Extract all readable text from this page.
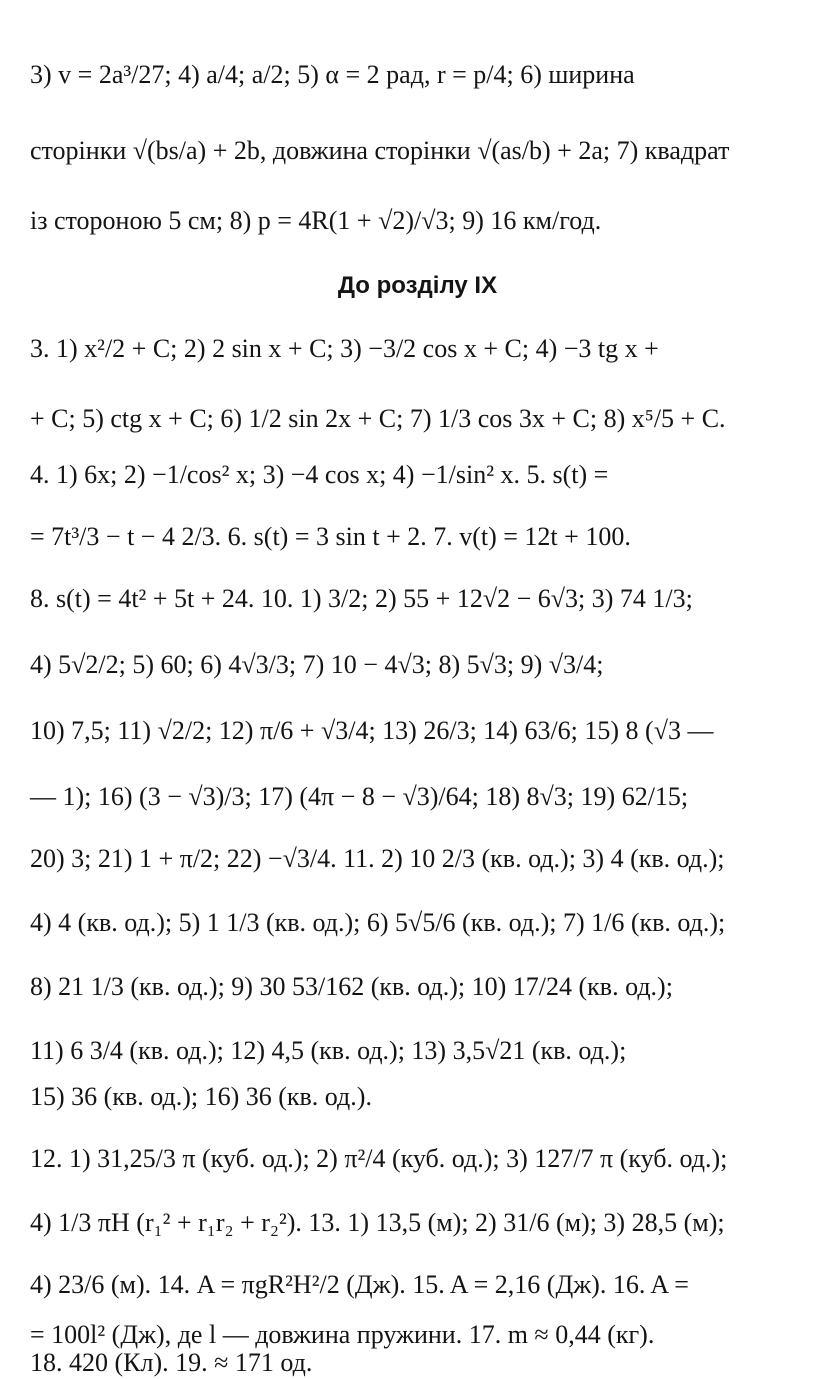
3) v = 2a³/27; 4) a/4; a/2; 5) α = 2 рад, r = p/4; 6) ширина
сторінки √(bs/a) + 2b, довжина сторінки √(as/b) + 2a; 7) квадрат
із стороною 5 см; 8) p = 4R(1 + √2)/√3; 9) 16 км/год.
До розділу IX
3. 1) x²/2 + C; 2) 2 sin x + C; 3) −3/2 cos x + C; 4) −3 tg x +
+ C; 5) ctg x + C; 6) 1/2 sin 2x + C; 7) 1/3 cos 3x + C; 8) x⁵/5 + C.
4. 1) 6x; 2) −1/cos² x; 3) −4 cos x; 4) −1/sin² x. 5. s(t) =
= 7t³/3 − t − 4 2/3. 6. s(t) = 3 sin t + 2. 7. v(t) = 12t + 100.
8. s(t) = 4t² + 5t + 24. 10. 1) 3/2; 2) 55 + 12√2 − 6√3; 3) 74 1/3;
4) 5√2/2; 5) 60; 6) 4√3/3; 7) 10 − 4√3; 8) 5√3; 9) √3/4;
10) 7,5; 11) √2/2; 12) π/6 + √3/4; 13) 26/3; 14) 63/6; 15) 8 (√3 —
— 1); 16) (3 − √3)/3; 17) (4π − 8 − √3)/64; 18) 8√3; 19) 62/15;
20) 3; 21) 1 + π/2; 22) −√3/4. 11. 2) 10 2/3 (кв. од.); 3) 4 (кв. од.);
4) 4 (кв. од.); 5) 1 1/3 (кв. од.); 6) 5√5/6 (кв. од.); 7) 1/6 (кв. од.);
8) 21 1/3 (кв. од.); 9) 30 53/162 (кв. од.); 10) 17/24 (кв. од.);
11) 6 3/4 (кв. од.); 12) 4,5 (кв. од.); 13) 3,5√21 (кв. од.);
15) 36 (кв. од.); 16) 36 (кв. од.).
12. 1) 31,25/3 π (куб. од.); 2) π²/4 (куб. од.); 3) 127/7 π (куб. од.);
4) 1/3 πH (r₁² + r₁r₂ + r₂²). 13. 1) 13,5 (м); 2) 31/6 (м); 3) 28,5 (м);
4) 23/6 (м). 14. A = πgR²H²/2 (Дж). 15. A = 2,16 (Дж). 16. A =
= 100l² (Дж), де l — довжина пружини. 17. m ≈ 0,44 (кг).
18. 420 (Кл). 19. ≈ 171 од.
